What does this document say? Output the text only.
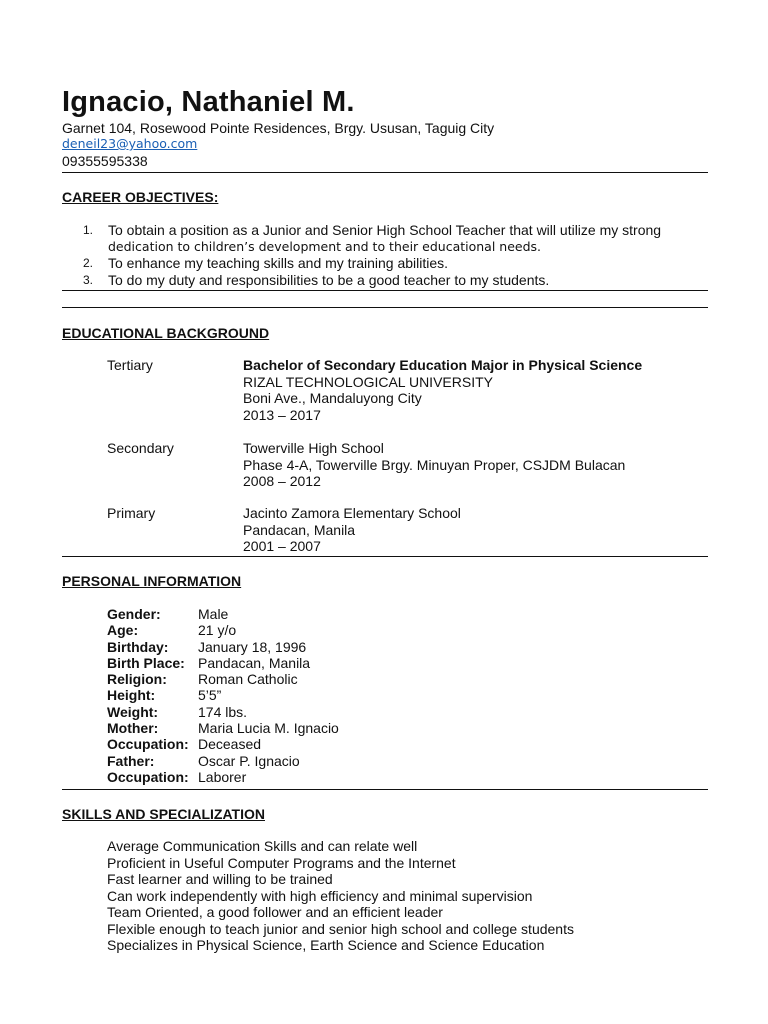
Ignacio, Nathaniel M.
Garnet 104, Rosewood Pointe Residences, Brgy. Ususan, Taguig City
deneil23@yahoo.com
09355595338
CAREER OBJECTIVES:
1. To obtain a position as a Junior and Senior High School Teacher that will utilize my strong
dedication to children’s development and to their educational needs.
2. To enhance my teaching skills and my training abilities.
3. To do my duty and responsibilities to be a good teacher to my students.
EDUCATIONAL BACKGROUND
Tertiary	Bachelor of Secondary Education Major in Physical Science
RIZAL TECHNOLOGICAL UNIVERSITY
Boni Ave., Mandaluyong City
2013 – 2017
Secondary	Towerville High School
Phase 4-A, Towerville Brgy. Minuyan Proper, CSJDM Bulacan
2008 – 2012
Primary	Jacinto Zamora Elementary School
Pandacan, Manila
2001 – 2007
PERSONAL INFORMATION
Gender:	Male
Age:	21 y/o
Birthday:	January 18, 1996
Birth Place: Pandacan, Manila
Religion:	Roman Catholic
Height:	5’5”
Weight:	174 lbs.
Mother:	Maria Lucia M. Ignacio
Occupation: Deceased
Father:	Oscar P. Ignacio
Occupation: Laborer
SKILLS AND SPECIALIZATION
Average Communication Skills and can relate well
Proficient in Useful Computer Programs and the Internet
Fast learner and willing to be trained
Can work independently with high efficiency and minimal supervision
Team Oriented, a good follower and an efficient leader
Flexible enough to teach junior and senior high school and college students
Specializes in Physical Science, Earth Science and Science Education
